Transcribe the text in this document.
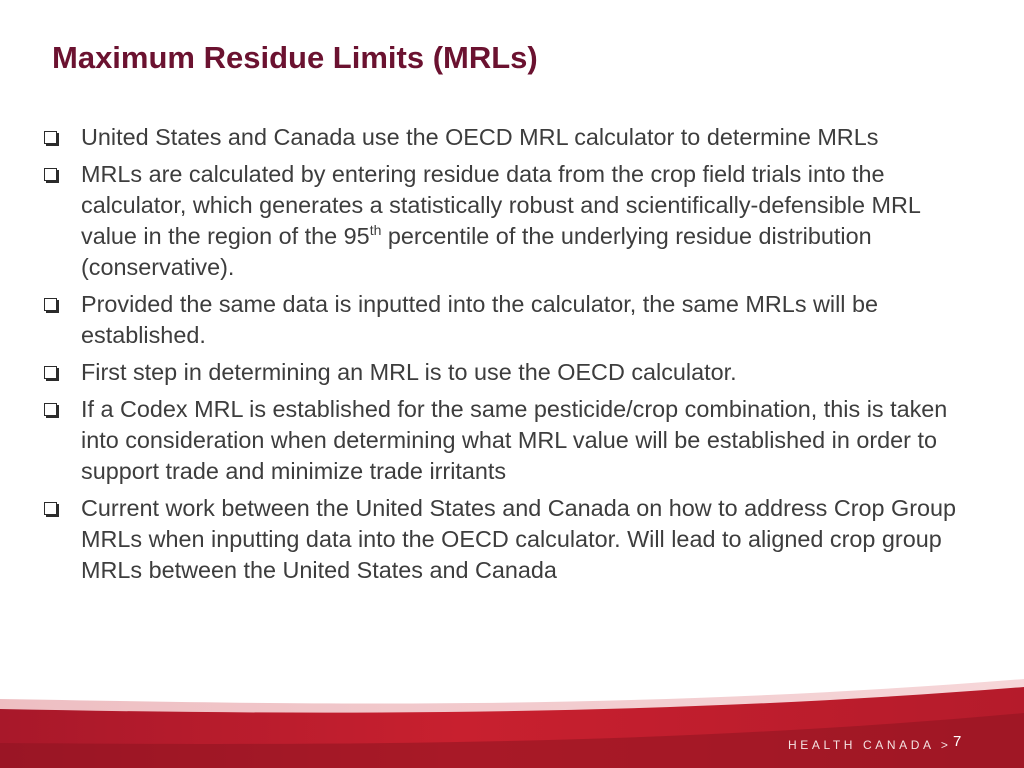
Maximum Residue Limits (MRLs)
United States and Canada use the OECD MRL calculator to determine MRLs
MRLs are calculated by entering residue data from the crop field trials into the calculator, which generates a statistically robust and scientifically-defensible MRL value in the region of the 95th percentile of the underlying residue distribution (conservative).
Provided the same data is inputted into the calculator, the same MRLs will be established.
First step in determining an MRL is to use the OECD calculator.
If a Codex MRL is established for the same pesticide/crop combination, this is taken into consideration when determining what MRL value will be established in order to support trade and minimize trade irritants
Current work between the United States and Canada on how to address Crop Group MRLs when inputting data into the OECD calculator. Will lead to aligned crop group MRLs between the United States and Canada
HEALTH CANADA > 7
